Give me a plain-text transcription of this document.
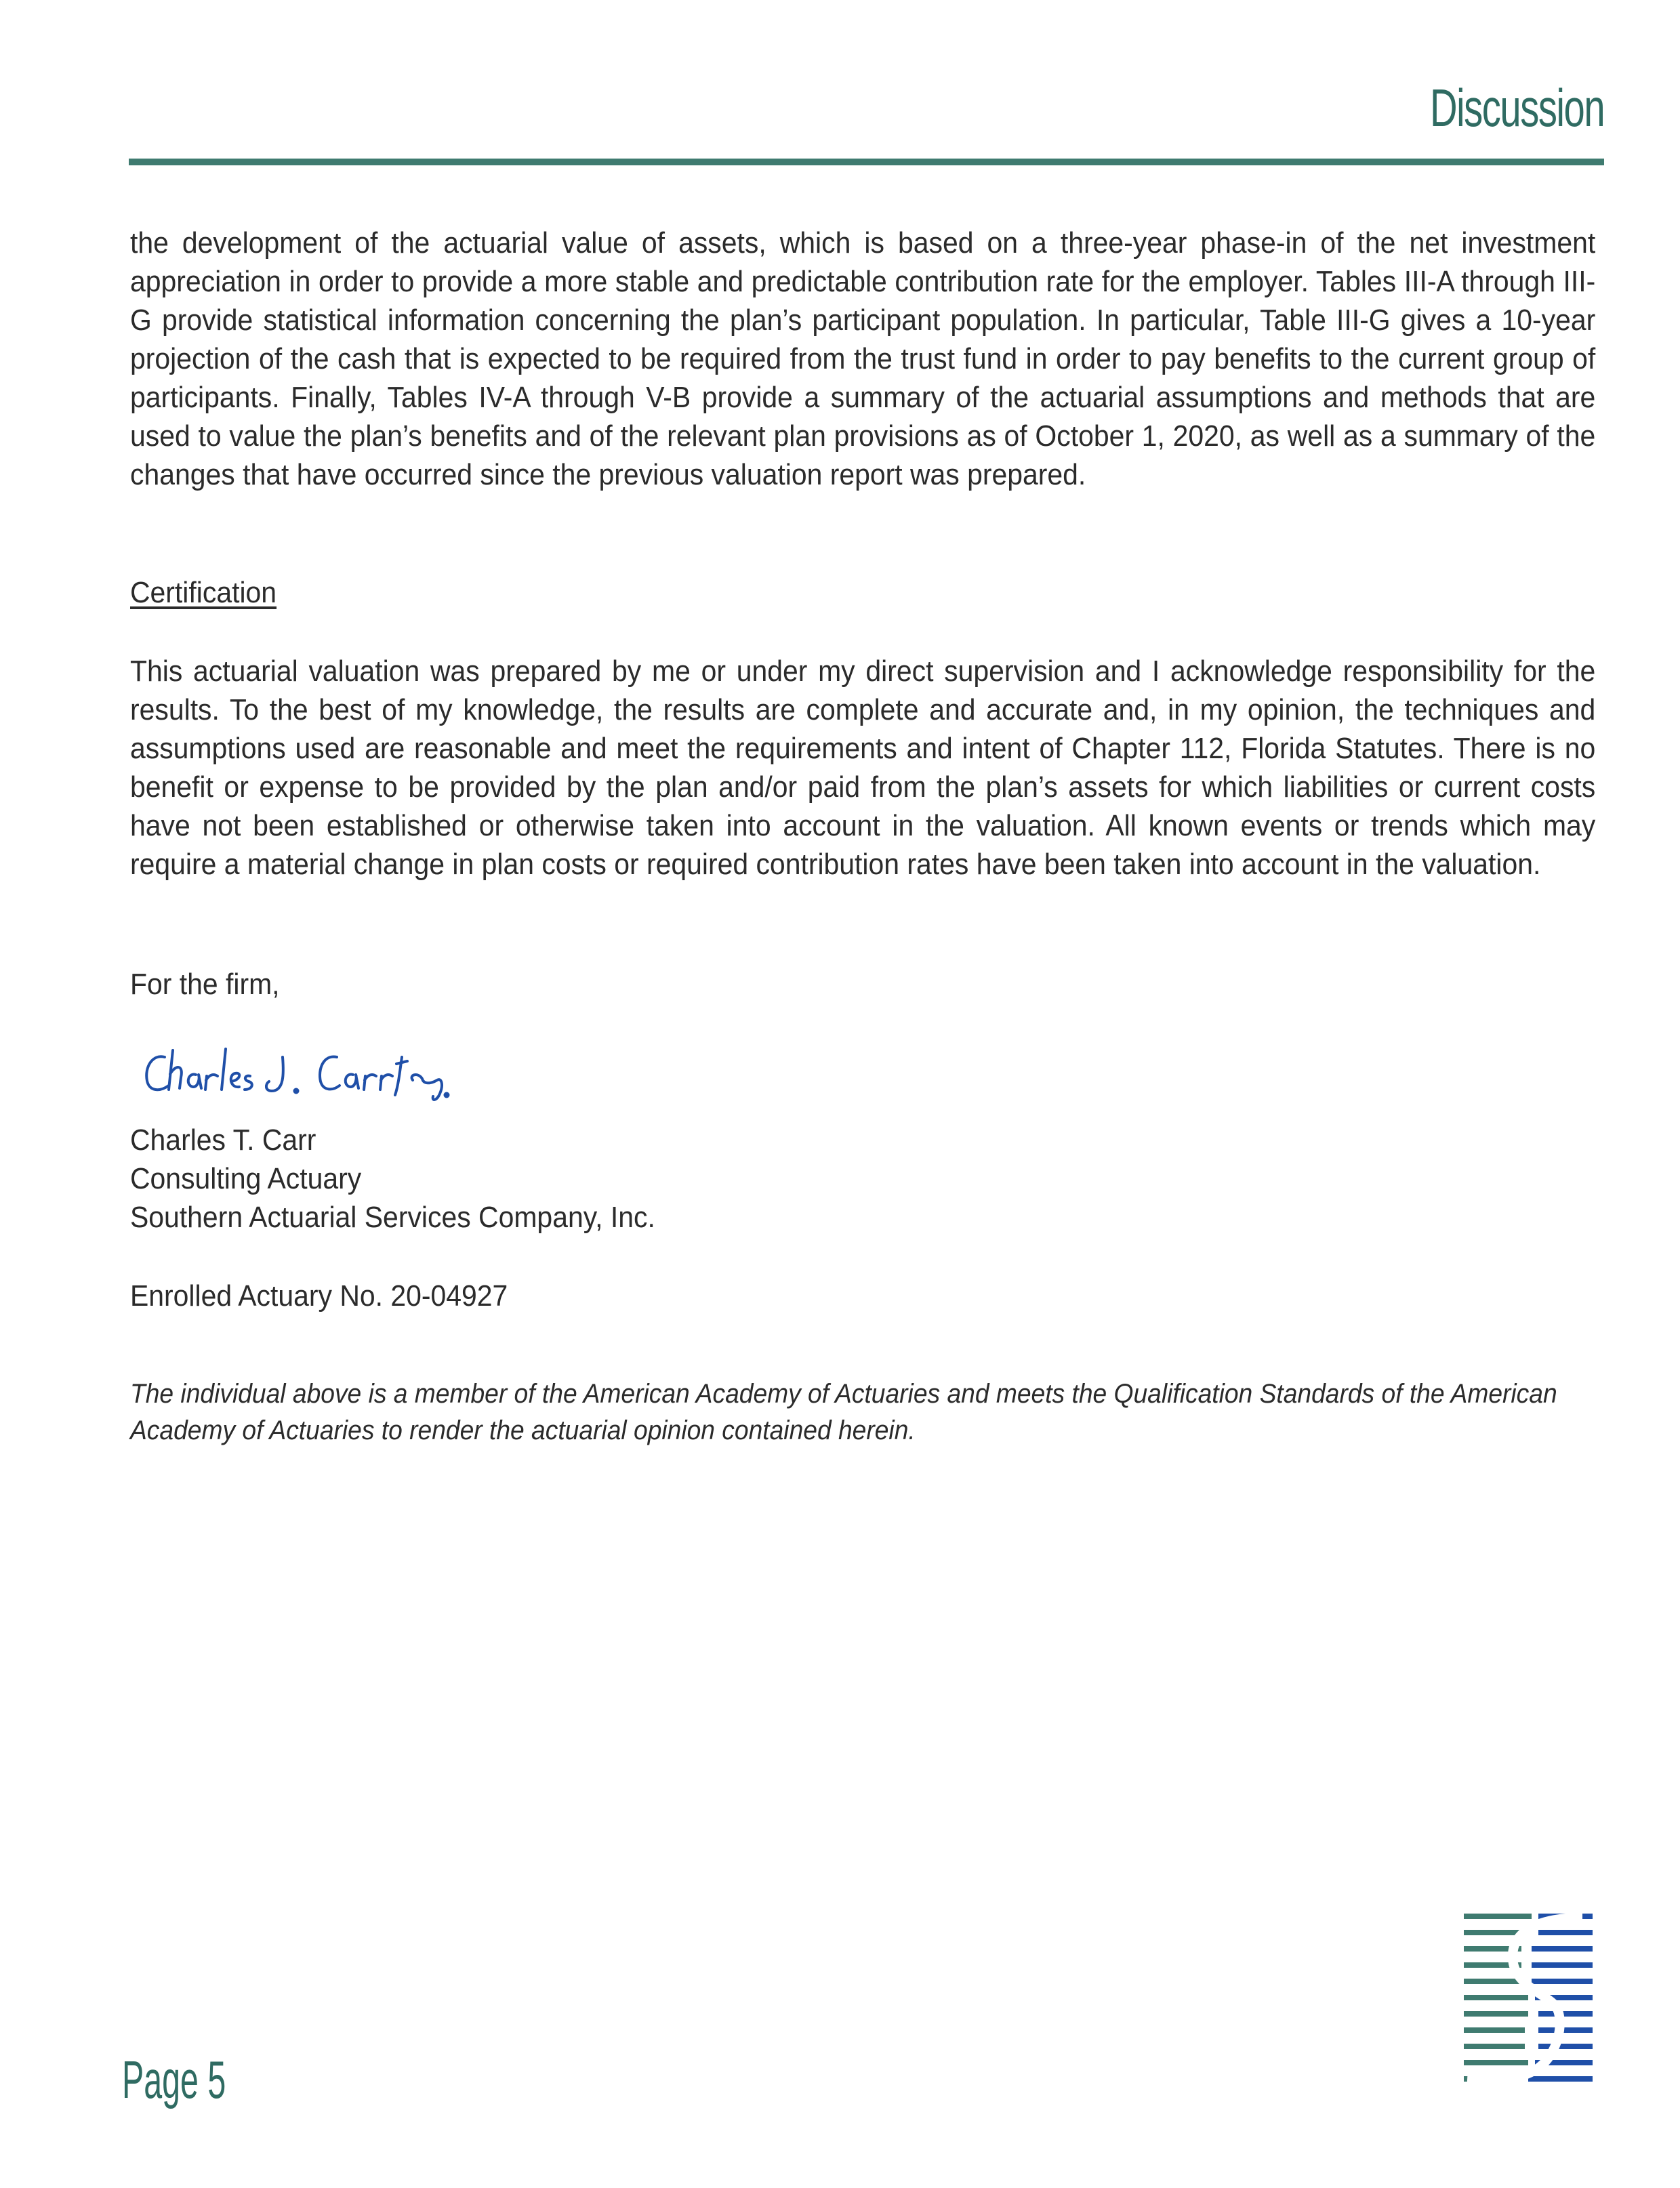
Discussion
the development of the actuarial value of assets, which is based on a three-year phase-in of the net investment appreciation in order to provide a more stable and predictable contribution rate for the employer. Tables III-A through III-G provide statistical information concerning the plan’s participant population. In particular, Table III-G gives a 10-year projection of the cash that is expected to be required from the trust fund in order to pay benefits to the current group of participants. Finally, Tables IV-A through V-B provide a summary of the actuarial assumptions and methods that are used to value the plan’s benefits and of the relevant plan provisions as of October 1, 2020, as well as a summary of the changes that have occurred since the previous valuation report was prepared.
Certification
This actuarial valuation was prepared by me or under my direct supervision and I acknowledge responsibility for the results. To the best of my knowledge, the results are complete and accurate and, in my opinion, the techniques and assumptions used are reasonable and meet the requirements and intent of Chapter 112, Florida Statutes. There is no benefit or expense to be provided by the plan and/or paid from the plan’s assets for which liabilities or current costs have not been established or otherwise taken into account in the valuation. All known events or trends which may require a material change in plan costs or required contribution rates have been taken into account in the valuation.
For the firm,
Charles T. Carr
Consulting Actuary
Southern Actuarial Services Company, Inc.
Enrolled Actuary No. 20-04927
The individual above is a member of the American Academy of Actuaries and meets the Qualification Standards of the American Academy of Actuaries to render the actuarial opinion contained herein.
Page 5
